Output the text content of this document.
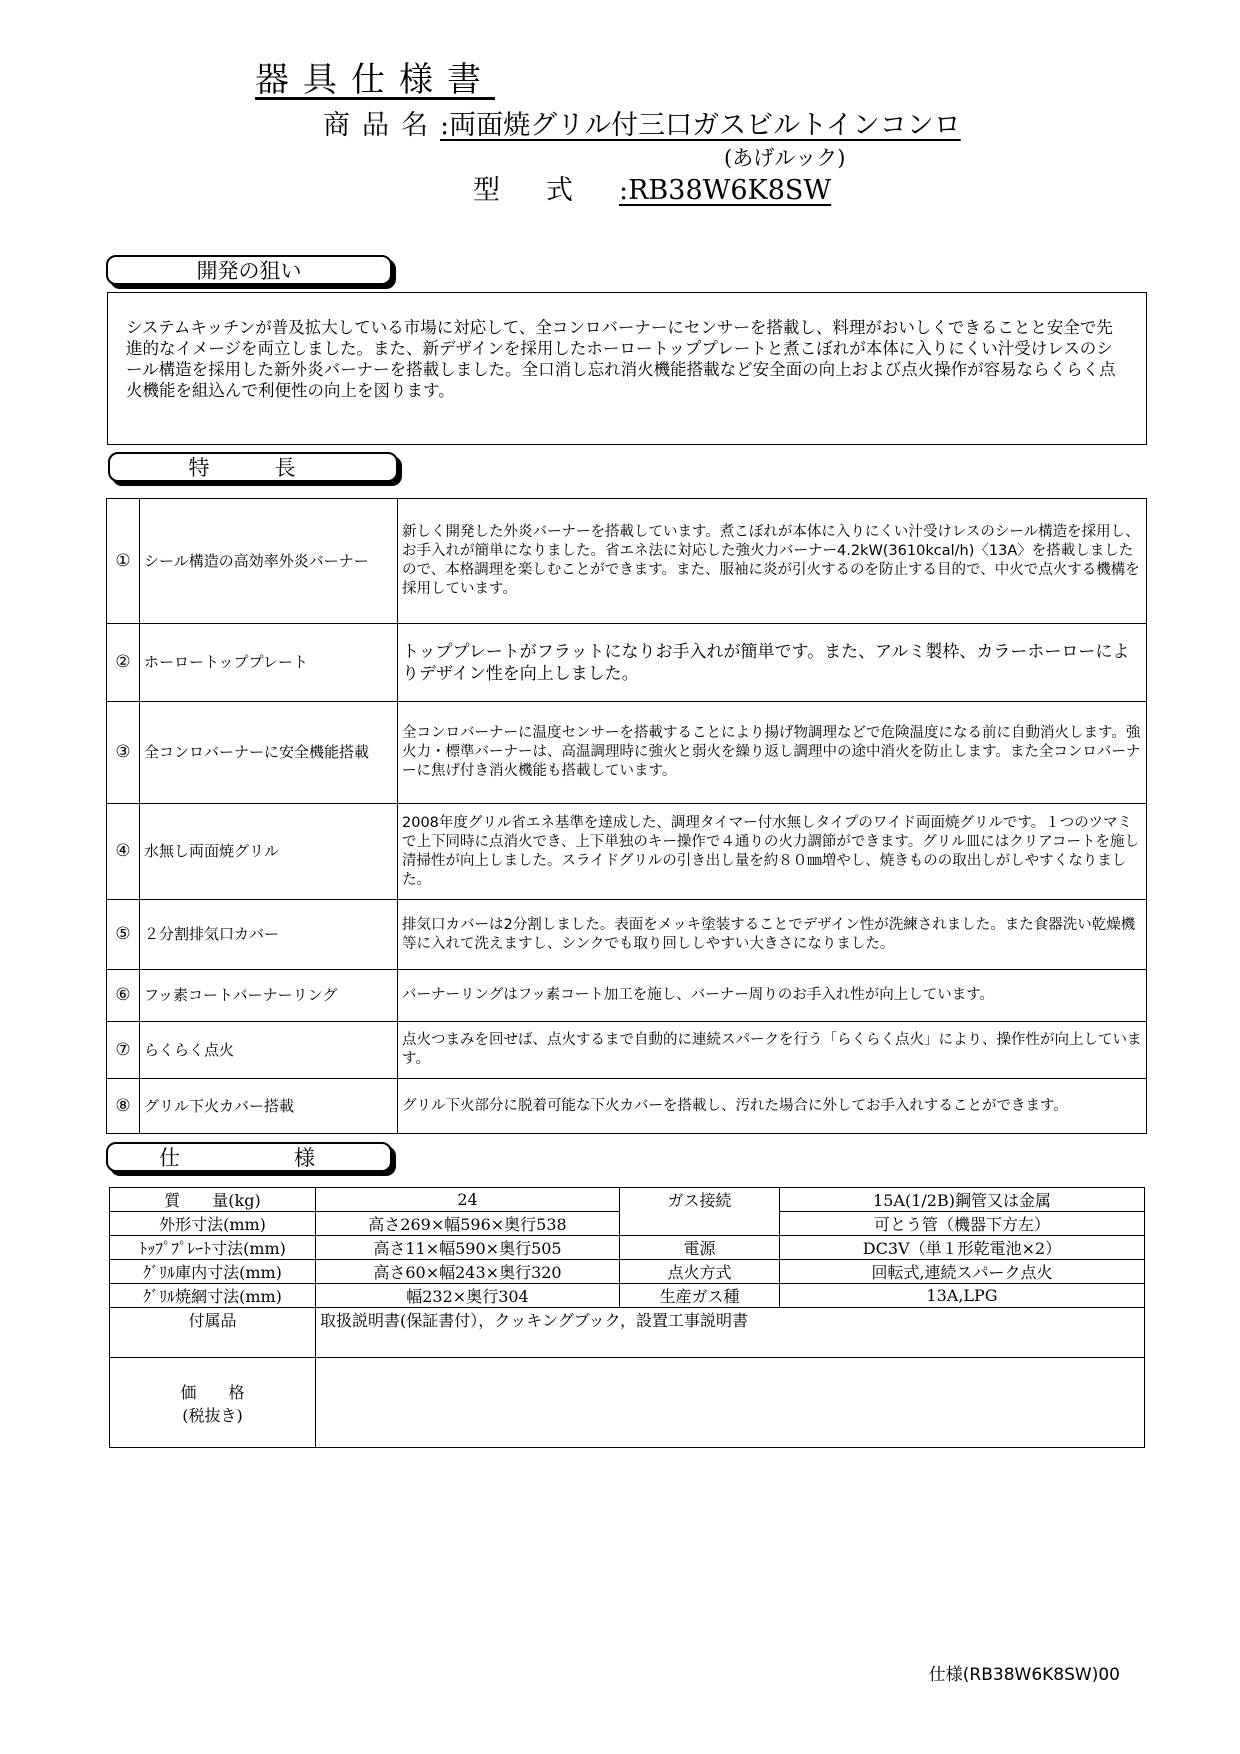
器具仕様書
商品名:両面焼グリル付三口ガスビルトインコンロ
(あげルック)
型式:RB38W6K8SW
開発の狙い
システムキッチンが普及拡大している市場に対応して、全コンロバーナーにセンサーを搭載し、料理がおいしくできることと安全で先進的なイメージを両立しました。また、新デザインを採用したホーロートッププレートと煮こぼれが本体に入りにくい汁受けレスのシール構造を採用した新外炎バーナーを搭載しました。全口消し忘れ消火機能搭載など安全面の向上および点火操作が容易ならくらく点火機能を組込んで利便性の向上を図ります。
特　長
①	シール構造の高効率外炎バーナー	新しく開発した外炎バーナーを搭載しています。煮こぼれが本体に入りにくい汁受けレスのシール構造を採用し、お手入れが簡単になりました。省エネ法に対応した強火力バーナー4.2kW(3610kcal/h)〈13A〉を搭載しましたので、本格調理を楽しむことができます。また、服袖に炎が引火するのを防止する目的で、中火で点火する機構を採用しています。
②	ホーロートッププレート	トッププレートがフラットになりお手入れが簡単です。また、アルミ製枠、カラーホーローによりデザイン性を向上しました。
③	全コンロバーナーに安全機能搭載	全コンロバーナーに温度センサーを搭載することにより揚げ物調理などで危険温度になる前に自動消火します。強火力・標準バーナーは、高温調理時に強火と弱火を繰り返し調理中の途中消火を防止します。また全コンロバーナーに焦げ付き消火機能も搭載しています。
④	水無し両面焼グリル	2008年度グリル省エネ基準を達成した、調理タイマー付水無しタイプのワイド両面焼グリルです。１つのツマミで上下同時に点消火でき、上下単独のキー操作で４通りの火力調節ができます。グリル皿にはクリアコートを施し清掃性が向上しました。スライドグリルの引き出し量を約８０㎜増やし、焼きものの取出しがしやすくなりました。
⑤	２分割排気口カバー	排気口カバーは2分割しました。表面をメッキ塗装することでデザイン性が洗練されました。また食器洗い乾燥機等に入れて洗えますし、シンクでも取り回ししやすい大きさになりました。
⑥	フッ素コートバーナーリング	バーナーリングはフッ素コート加工を施し、バーナー周りのお手入れ性が向上しています。
⑦	らくらく点火	点火つまみを回せば、点火するまで自動的に連続スパークを行う「らくらく点火」により、操作性が向上しています。
⑧	グリル下火カバー搭載	グリル下火部分に脱着可能な下火カバーを搭載し、汚れた場合に外してお手入れすることができます。
仕　　様
質　　量(kg)	24	ガス接続	15A(1/2B)鋼管又は金属
外形寸法(mm)	高さ269×幅596×奥行538		可とう管（機器下方左）
ﾄｯﾌﾟﾌﾟﾚｰﾄ寸法(mm)	高さ11×幅590×奥行505	電源	DC3V（単１形乾電池×2）
ｸﾞﾘﾙ庫内寸法(mm)	高さ60×幅243×奥行320	点火方式	回転式,連続スパーク点火
ｸﾞﾘﾙ焼網寸法(mm)	幅232×奥行304	生産ガス種	13A,LPG
付属品	取扱説明書(保証書付），クッキングブック，設置工事説明書		

価　　格
(税抜き)			

仕様(RB38W6K8SW)00
